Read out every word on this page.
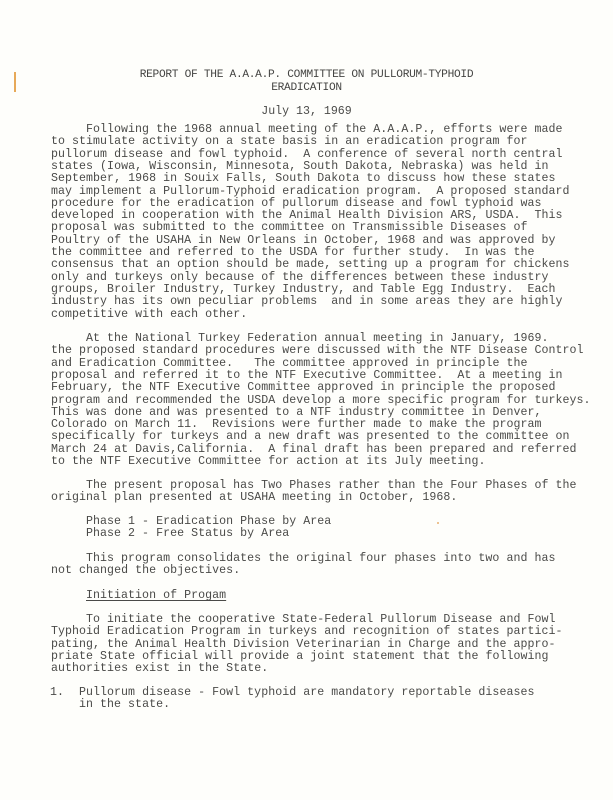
REPORT OF THE A.A.A.P. COMMITTEE ON PULLORUM-TYPHOID
ERADICATION
July 13, 1969
Following the 1968 annual meeting of the A.A.A.P., efforts were made
to stimulate activity on a state basis in an eradication program for
pullorum disease and fowl typhoid.  A conference of several north central
states (Iowa, Wisconsin, Minnesota, South Dakota, Nebraska) was held in
September, 1968 in Souix Falls, South Dakota to discuss how these states
may implement a Pullorum-Typhoid eradication program.  A proposed standard
procedure for the eradication of pullorum disease and fowl typhoid was
developed in cooperation with the Animal Health Division ARS, USDA.  This
proposal was submitted to the committee on Transmissible Diseases of
Poultry of the USAHA in New Orleans in October, 1968 and was approved by
the committee and referred to the USDA for further study.  In was the
consensus that an option should be made, setting up a program for chickens
only and turkeys only because of the differences between these industry
groups, Broiler Industry, Turkey Industry, and Table Egg Industry.  Each
industry has its own peculiar problems  and in some areas they are highly
competitive with each other.
At the National Turkey Federation annual meeting in January, 1969.
the proposed standard procedures were discussed with the NTF Disease Control
and Eradication Committee.   The committee approved in principle the
proposal and referred it to the NTF Executive Committee.  At a meeting in
February, the NTF Executive Committee approved in principle the proposed
program and recommended the USDA develop a more specific program for turkeys.
This was done and was presented to a NTF industry committee in Denver,
Colorado on March 11.  Revisions were further made to make the program
specifically for turkeys and a new draft was presented to the committee on
March 24 at Davis,California.  A final draft has been prepared and referred
to the NTF Executive Committee for action at its July meeting.
The present proposal has Two Phases rather than the Four Phases of the
original plan presented at USAHA meeting in October, 1968.
Phase 1 - Eradication Phase by Area
Phase 2 - Free Status by Area
This program consolidates the original four phases into two and has
not changed the objectives.
Initiation of Progam
To initiate the cooperative State-Federal Pullorum Disease and Fowl
Typhoid Eradication Program in turkeys and recognition of states partici-
pating, the Animal Health Division Veterinarian in Charge and the appro-
priate State official will provide a joint statement that the following
authorities exist in the State.
1. Pullorum disease - Fowl typhoid are mandatory reportable diseases
in the state.
